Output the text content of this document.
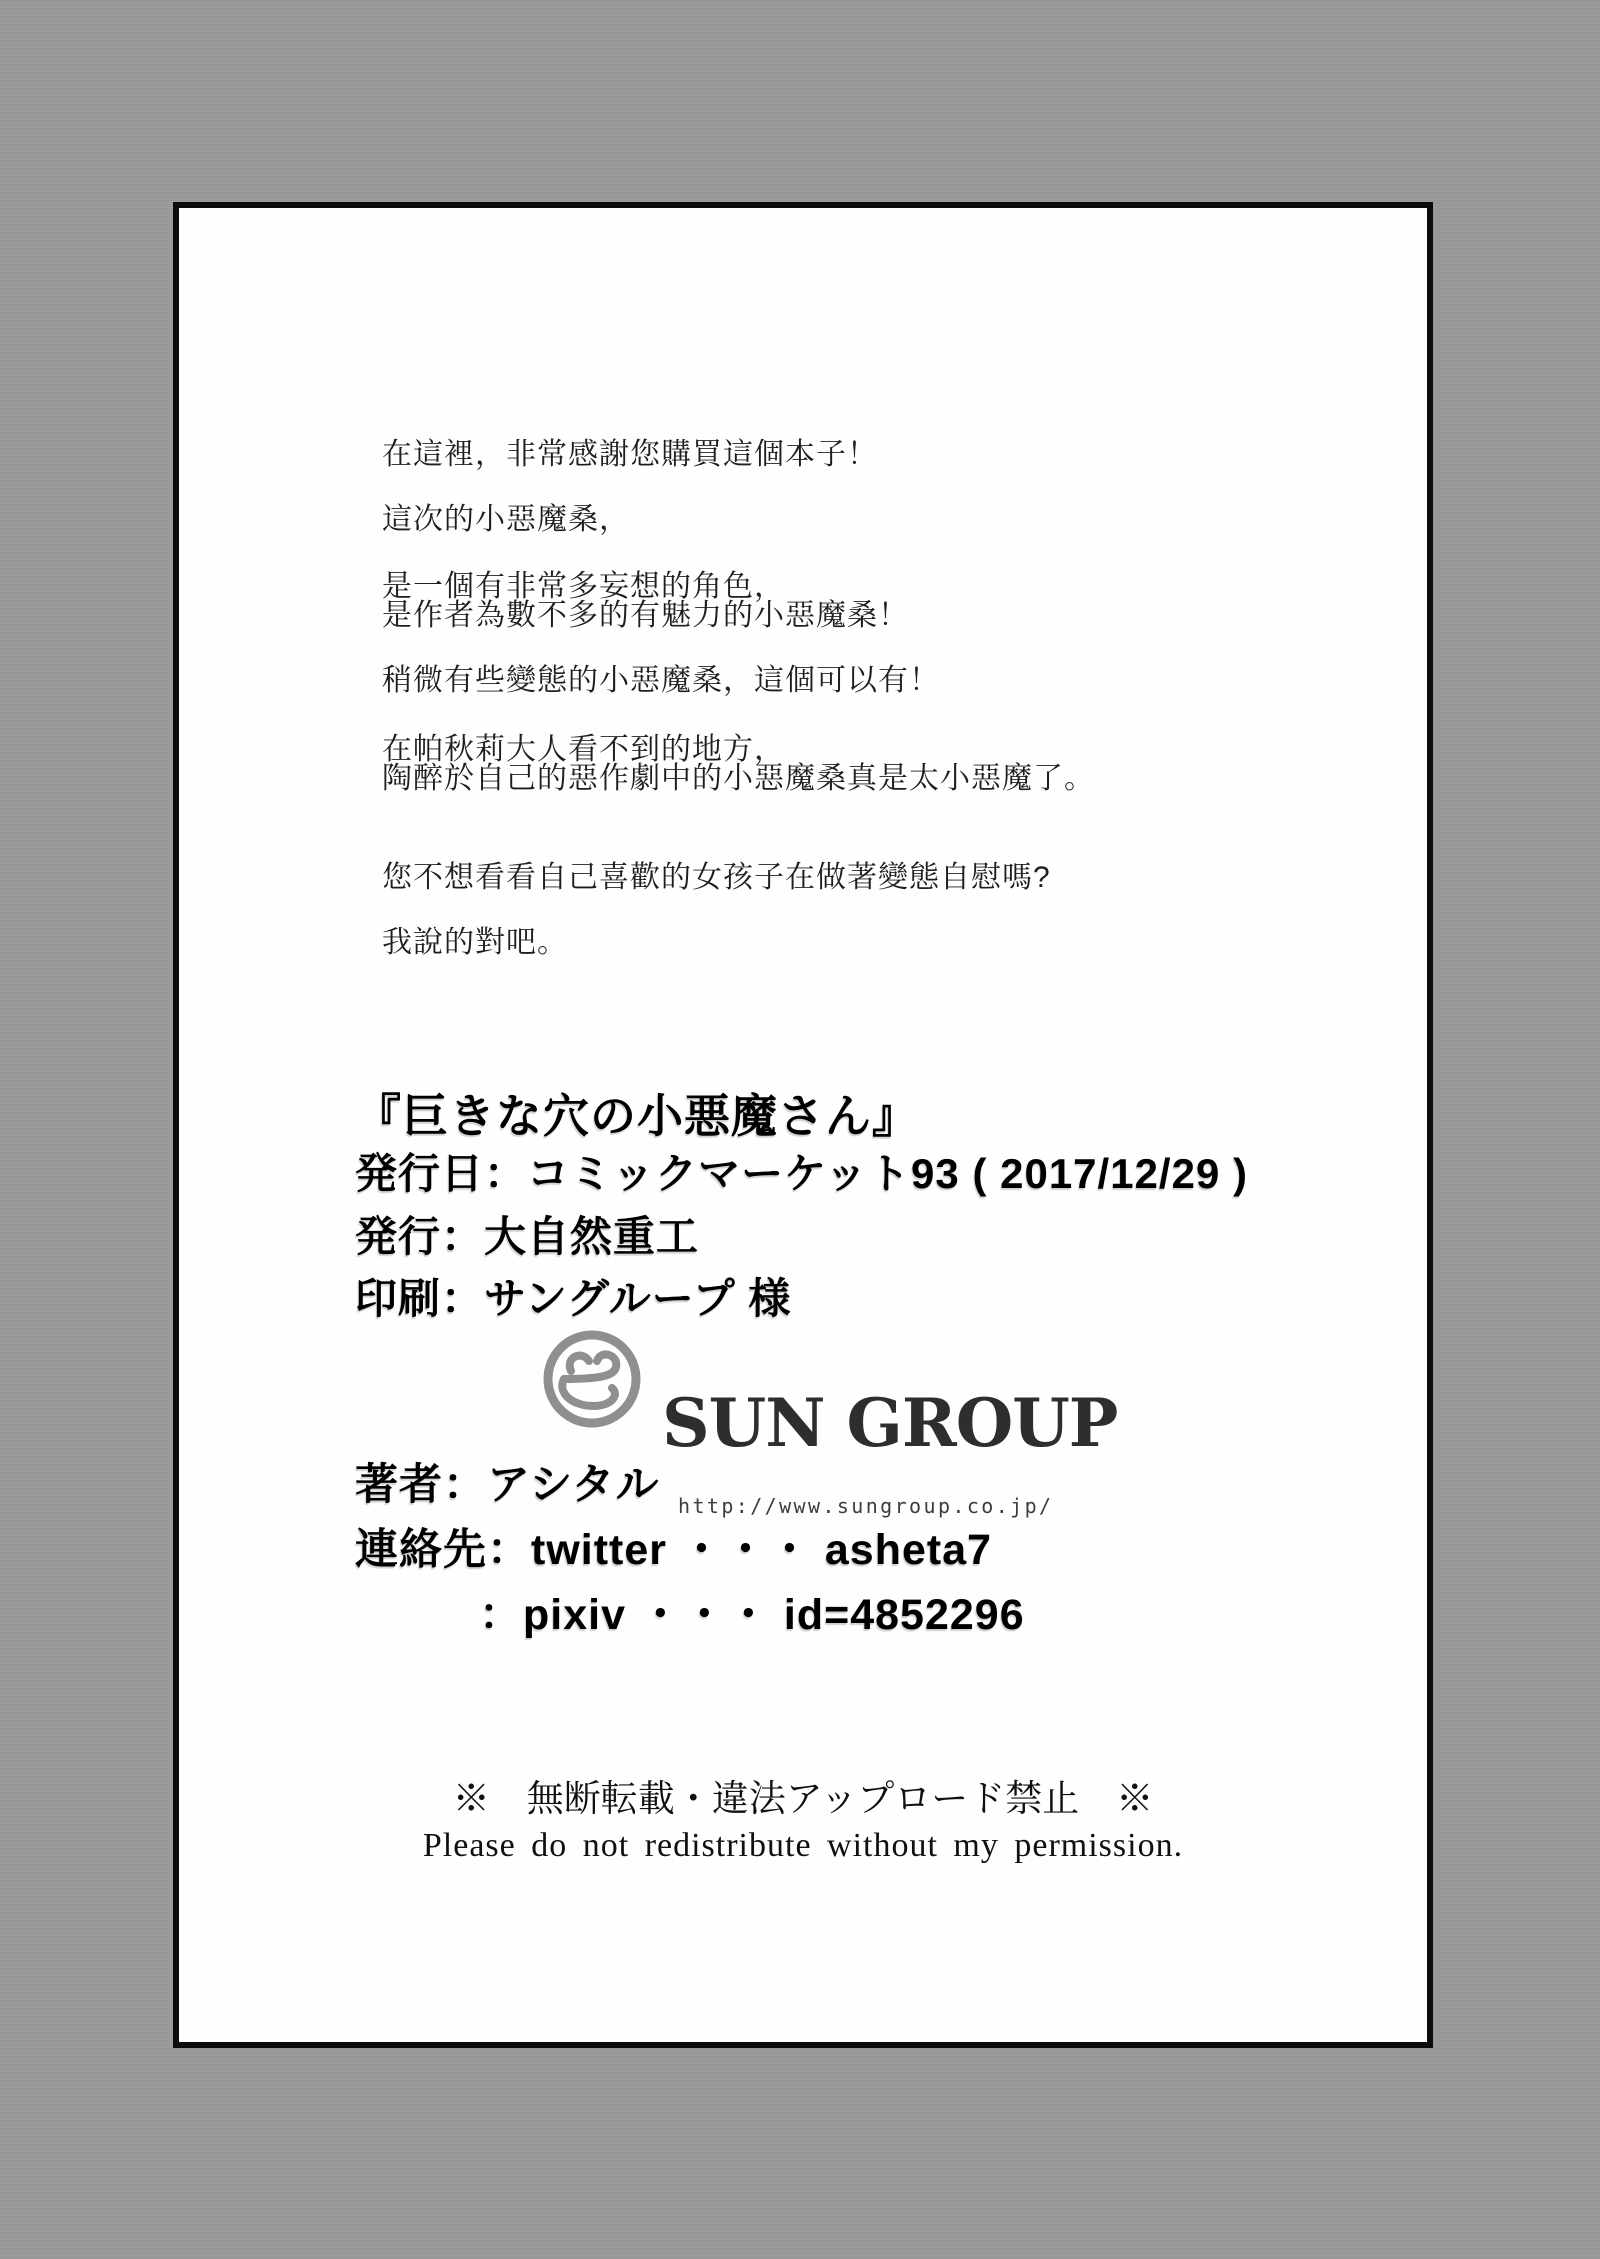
在這裡，非常感謝您購買這個本子！
這次的小惡魔桑，
是一個有非常多妄想的角色，
是作者為數不多的有魅力的小惡魔桑！
稍微有些變態的小惡魔桑，這個可以有！
在帕秋莉大人看不到的地方，
陶醉於自己的惡作劇中的小惡魔桑真是太小惡魔了。
您不想看看自己喜歡的女孩子在做著變態自慰嗎?
我說的對吧。
『巨きな穴の小悪魔さん』
発行日：コミックマーケット93 ( 2017/12/29 )
発行：大自然重工
印刷：サングループ 様

SUN GROUP

http://www.sungroup.co.jp/

著者：アシタル
連絡先：twitter ・・・ asheta7
：pixiv ・・・ id=4852296
※　無断転載・違法アップロード禁止　※
Please do not redistribute without my permission.
